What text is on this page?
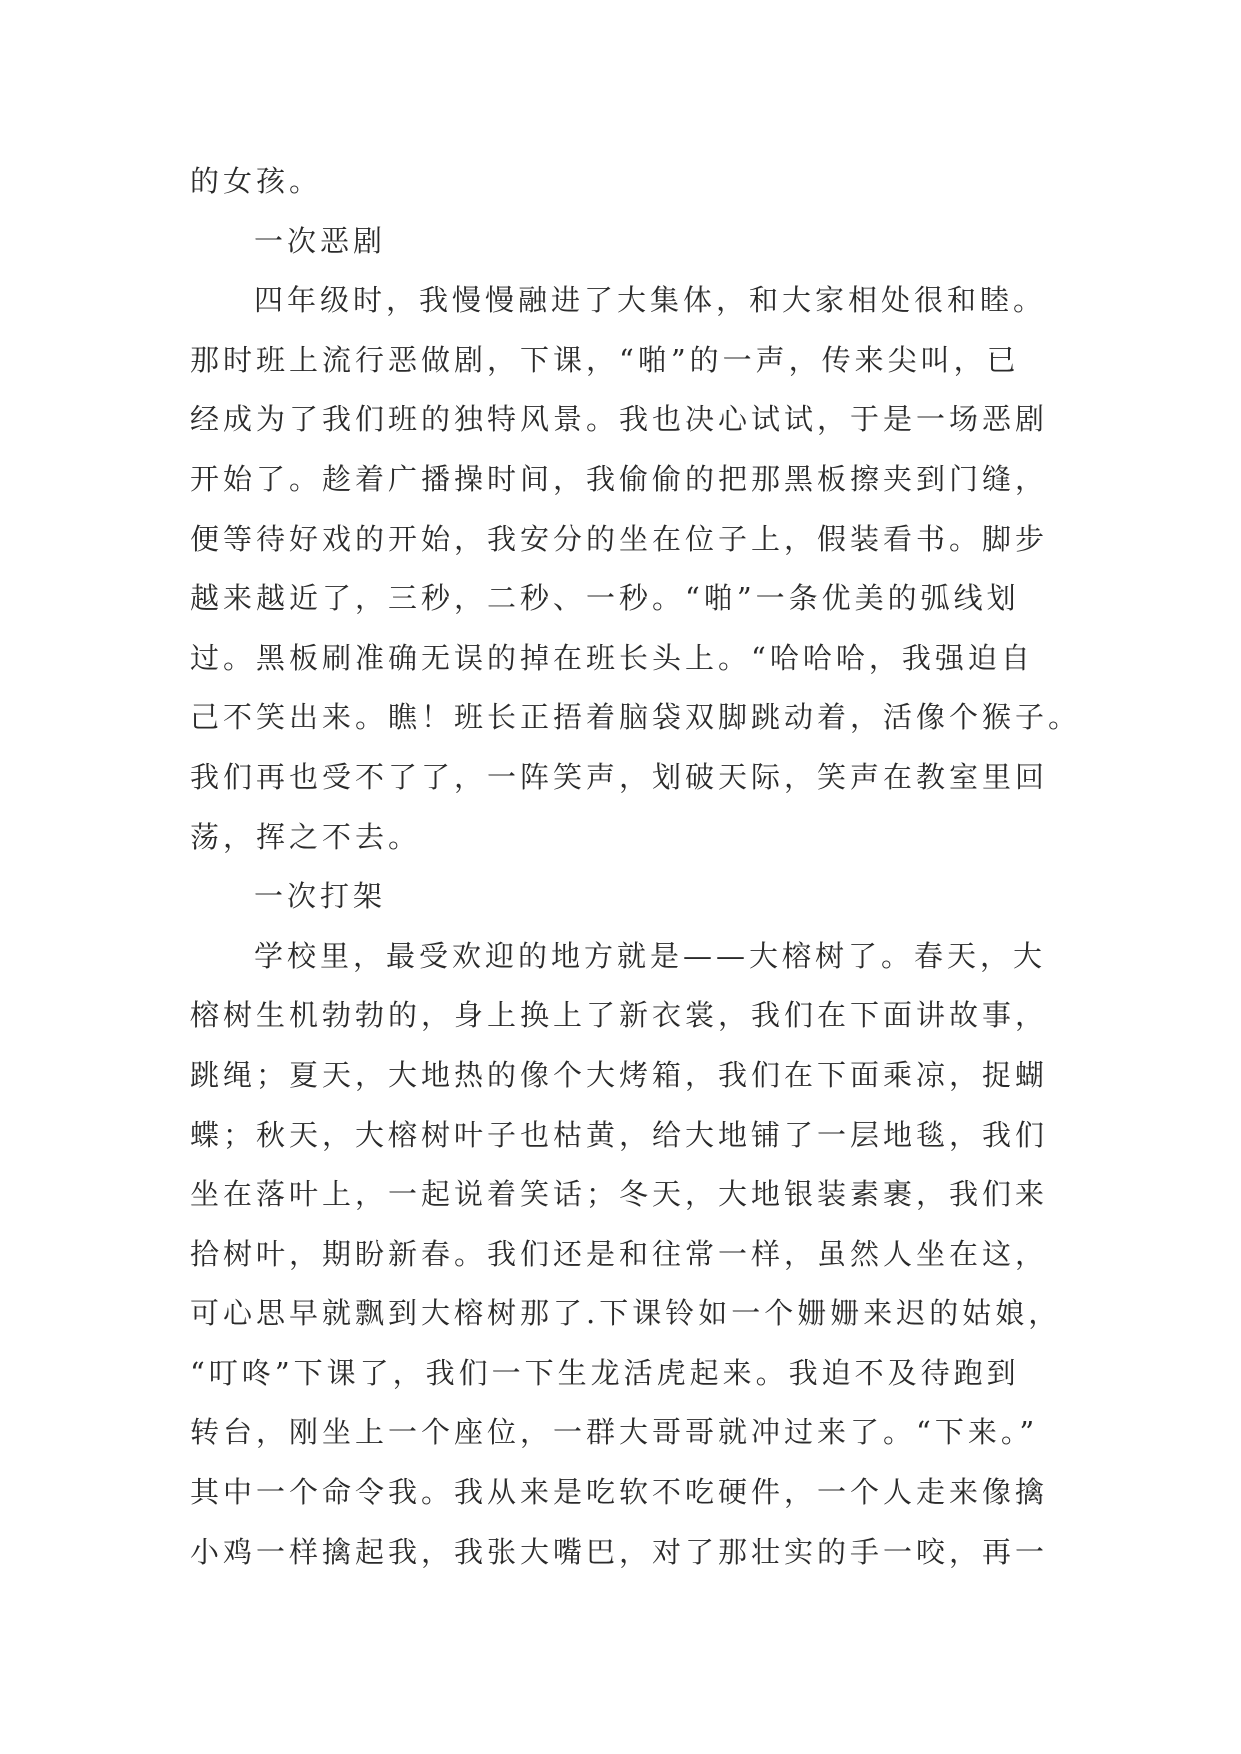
的女孩。
一次恶剧
四年级时，我慢慢融进了大集体，和大家相处很和睦。
那时班上流行恶做剧，下课，“啪”的一声，传来尖叫，已
经成为了我们班的独特风景。我也决心试试，于是一场恶剧
开始了。趁着广播操时间，我偷偷的把那黑板擦夹到门缝，
便等待好戏的开始，我安分的坐在位子上，假装看书。脚步
越来越近了，三秒，二秒、一秒。“啪”一条优美的弧线划
过。黑板刷准确无误的掉在班长头上。“哈哈哈，我强迫自
己不笑出来。瞧！班长正捂着脑袋双脚跳动着，活像个猴子。
我们再也受不了了，一阵笑声，划破天际，笑声在教室里回
荡，挥之不去。
一次打架
学校里，最受欢迎的地方就是——大榕树了。春天，大
榕树生机勃勃的，身上换上了新衣裳，我们在下面讲故事，
跳绳；夏天，大地热的像个大烤箱，我们在下面乘凉，捉蝴
蝶；秋天，大榕树叶子也枯黄，给大地铺了一层地毯，我们
坐在落叶上，一起说着笑话；冬天，大地银装素裹，我们来
拾树叶，期盼新春。我们还是和往常一样，虽然人坐在这，
可心思早就飘到大榕树那了.下课铃如一个姗姗来迟的姑娘，
“叮咚”下课了，我们一下生龙活虎起来。我迫不及待跑到
转台，刚坐上一个座位，一群大哥哥就冲过来了。“下来。”
其中一个命令我。我从来是吃软不吃硬件，一个人走来像擒
小鸡一样擒起我，我张大嘴巴，对了那壮实的手一咬，再一
